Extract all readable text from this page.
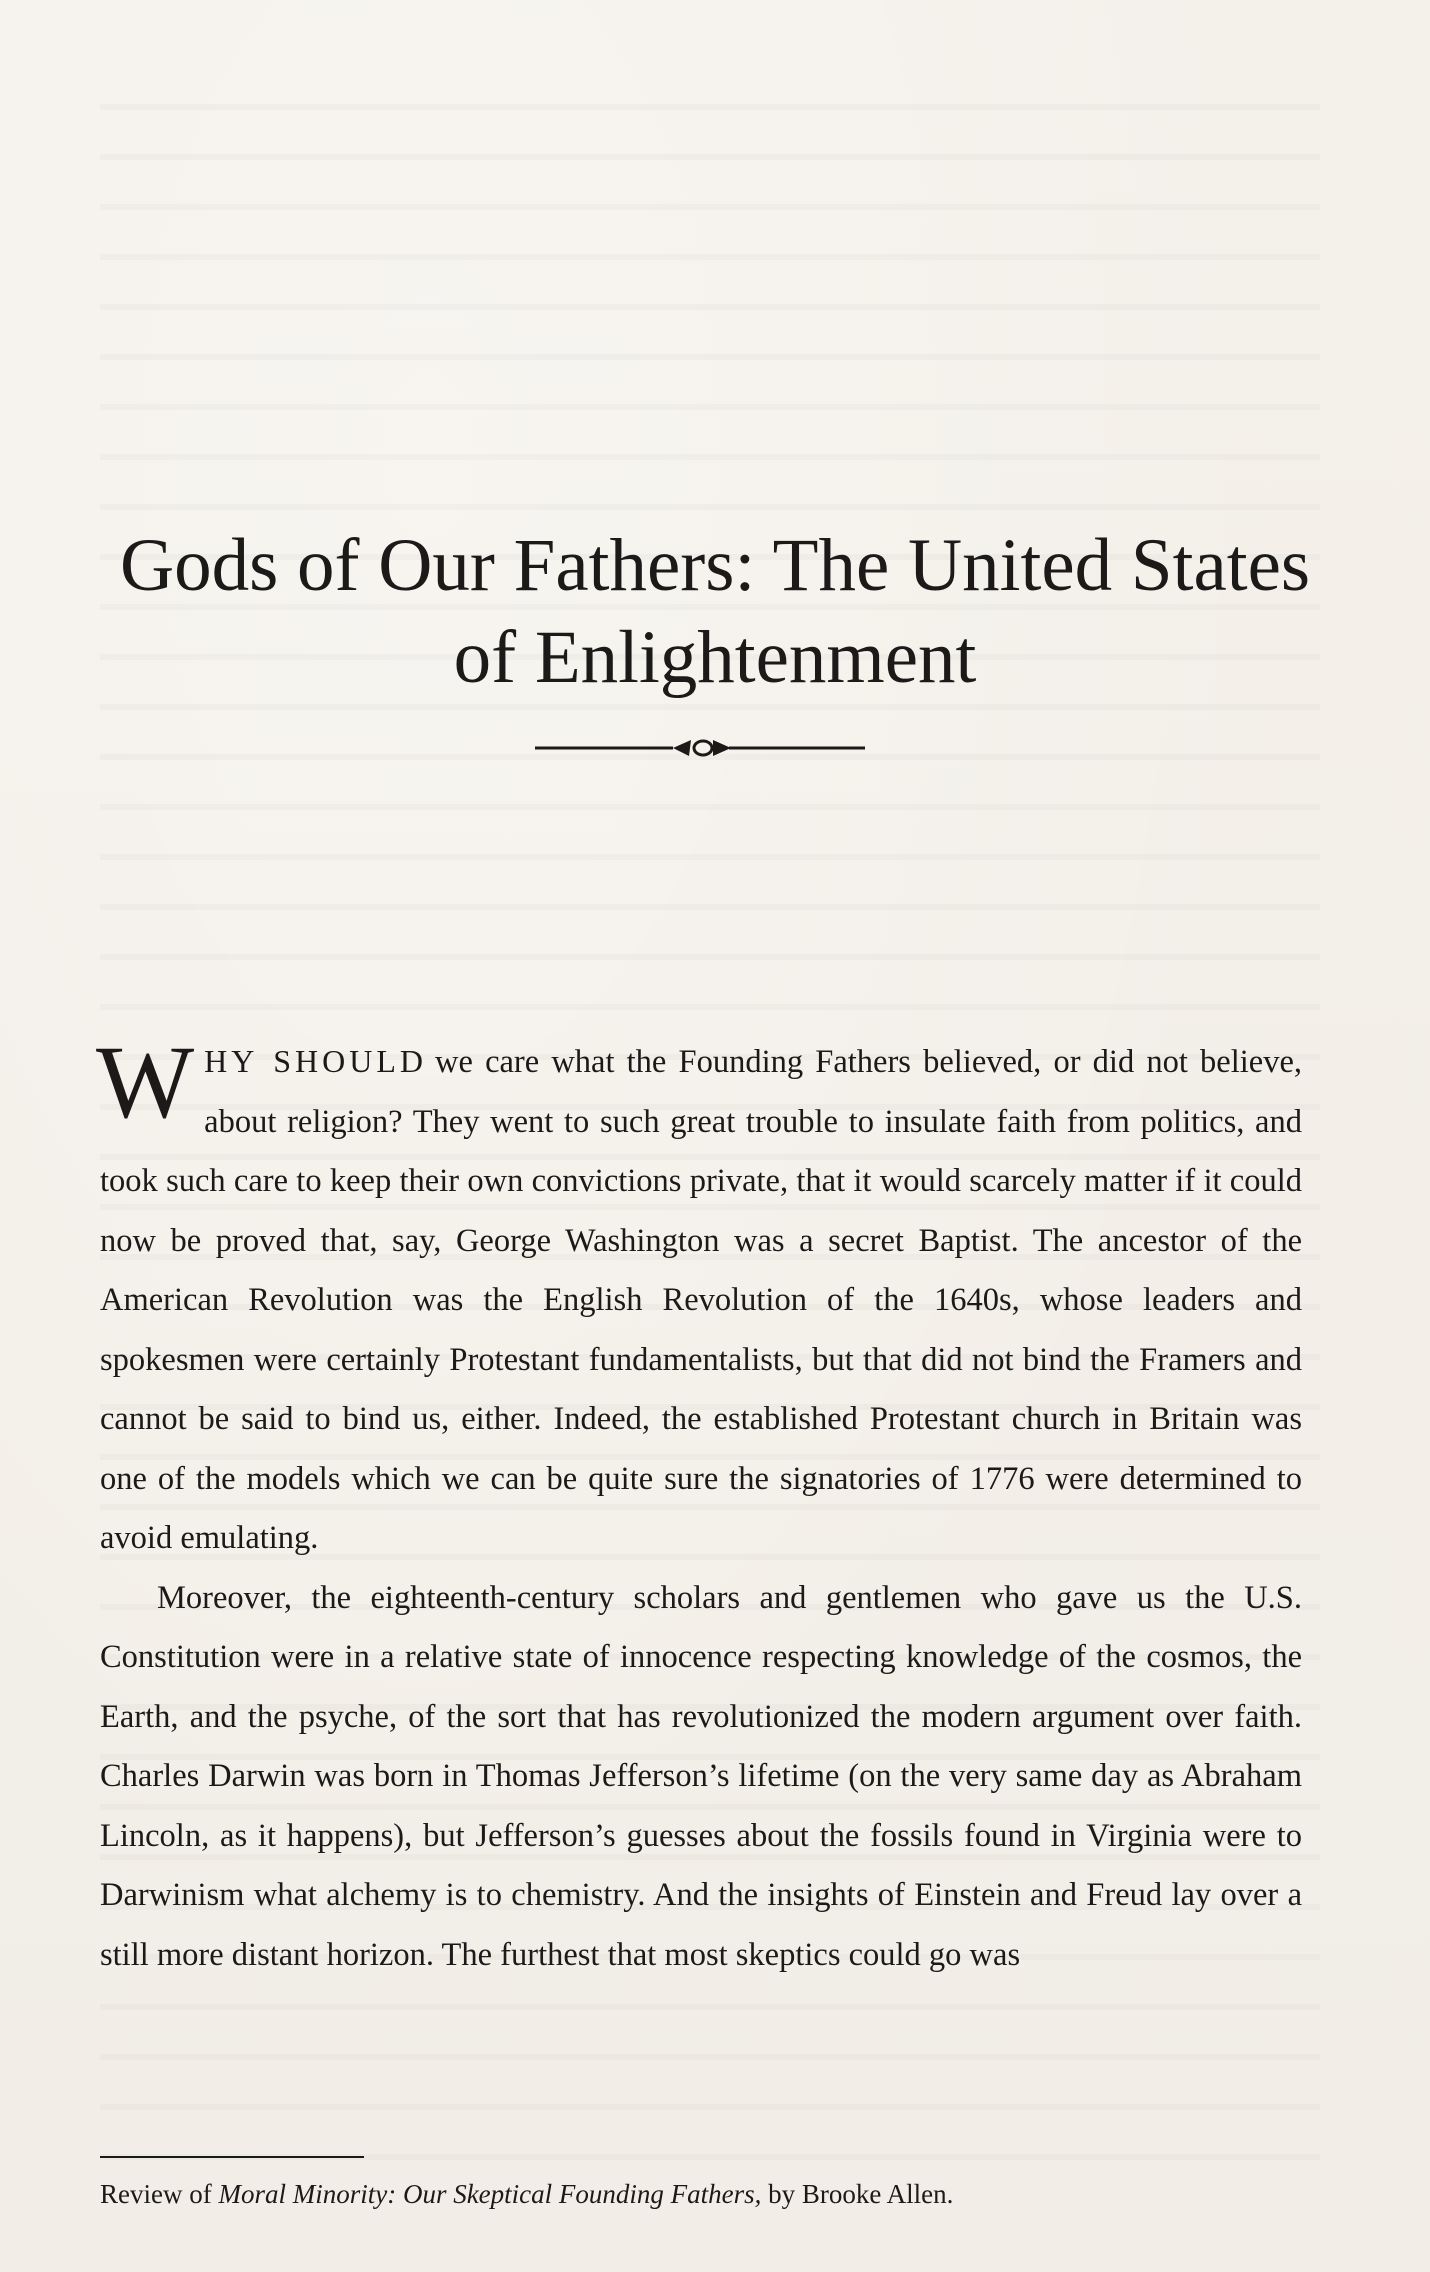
Gods of Our Fathers: The United States of Enlightenment

WHY SHOULD we care what the Founding Fathers believed, or did not believe, about religion? They went to such great trouble to insulate faith from politics, and took such care to keep their own convictions private, that it would scarcely matter if it could now be proved that, say, George Washington was a secret Baptist. The ancestor of the American Revolution was the English Revolution of the 1640s, whose leaders and spokesmen were certainly Protestant fundamentalists, but that did not bind the Framers and cannot be said to bind us, either. Indeed, the established Protestant church in Britain was one of the models which we can be quite sure the signatories of 1776 were determined to avoid emulating.

Moreover, the eighteenth-century scholars and gentlemen who gave us the U.S. Constitution were in a relative state of innocence respecting knowledge of the cosmos, the Earth, and the psyche, of the sort that has revolutionized the modern argument over faith. Charles Darwin was born in Thomas Jefferson’s lifetime (on the very same day as Abraham Lincoln, as it happens), but Jefferson’s guesses about the fossils found in Virginia were to Darwinism what alchemy is to chemistry. And the insights of Einstein and Freud lay over a still more distant horizon. The furthest that most skeptics could go was

Review of Moral Minority: Our Skeptical Founding Fathers, by Brooke Allen.
